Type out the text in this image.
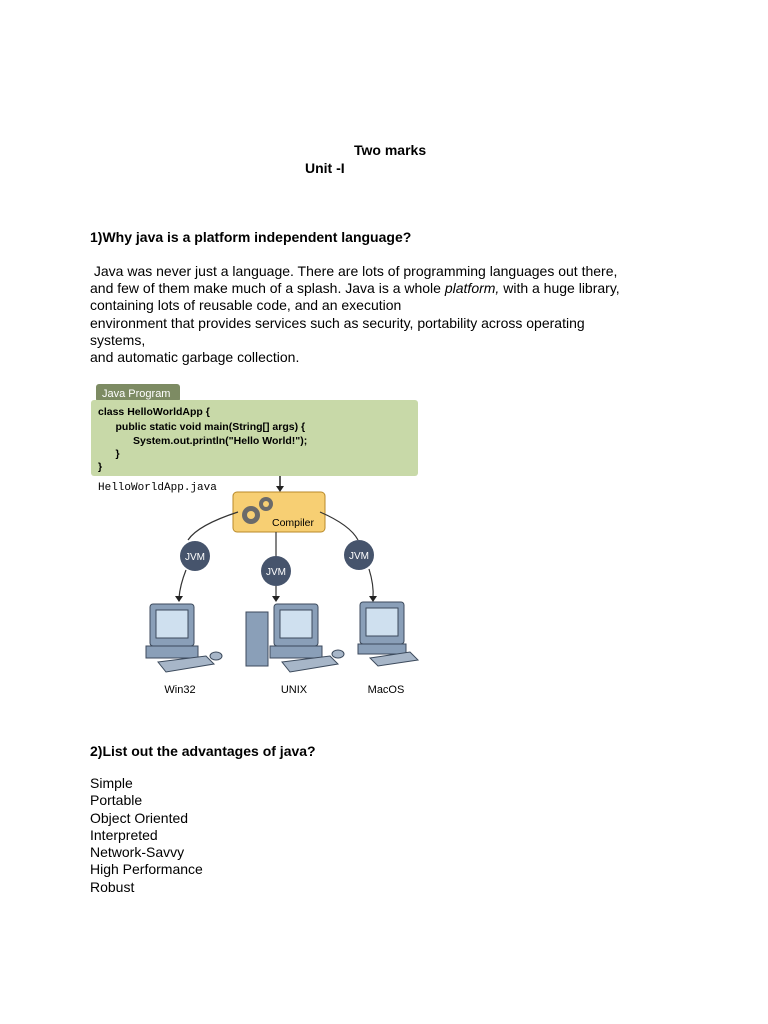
Two marks
Unit -I
1)Why java is a platform independent language?
Java was never just a language. There are lots of programming languages out there,
and few of them make much of a splash. Java is a whole platform, with a huge library,
containing lots of reusable code, and an execution
environment that provides services such as security, portability across operating
systems,
and automatic garbage collection.
Java Program
class HelloWorldApp {
public static void main(String[] args) {
System.out.println("Hello World!");
}
}
HelloWorldApp.java
Compiler
JVM
JVM
JVM
Win32	UNIX	MacOS
2)List out the advantages of java?
Simple
Portable
Object Oriented
Interpreted
Network-Savvy
High Performance
Robust
